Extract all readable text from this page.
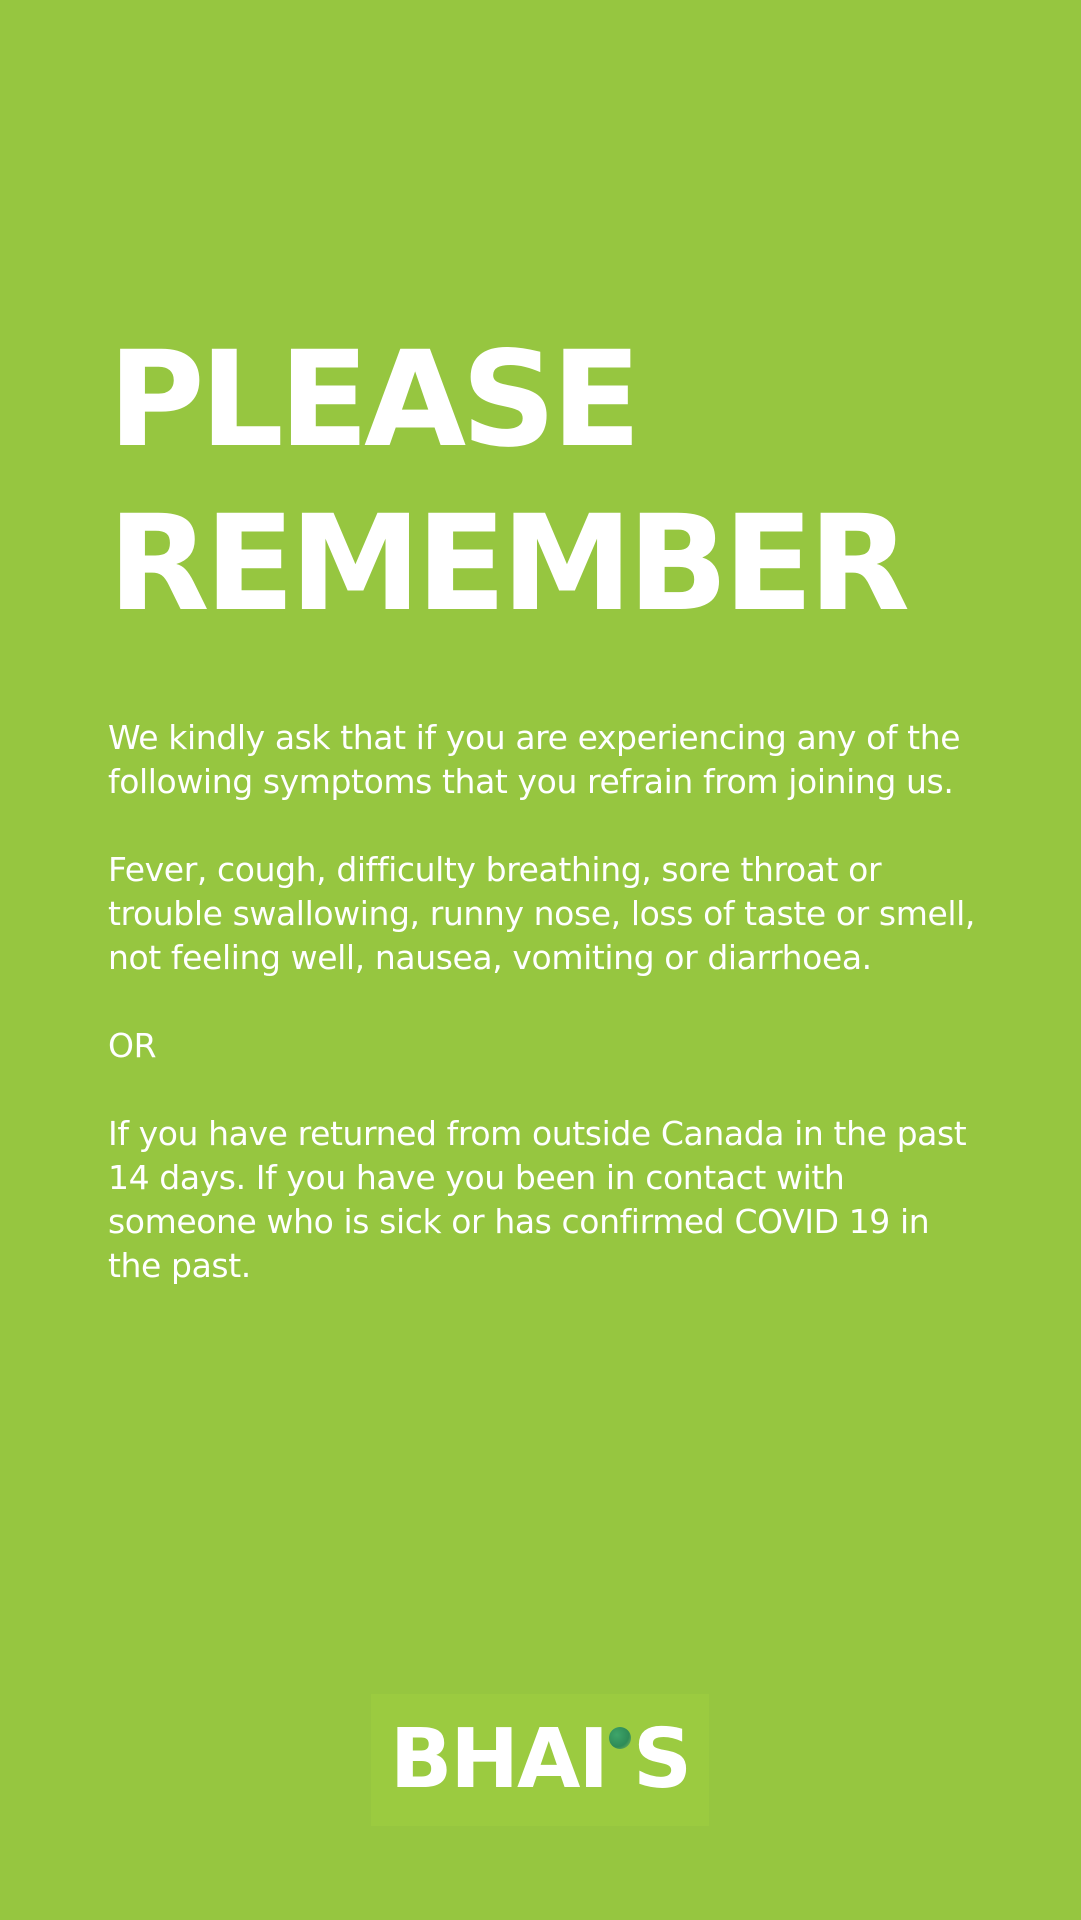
PLEASE
REMEMBER

We kindly ask that if you are experiencing any of the following symptoms that you refrain from joining us.

Fever, cough, difficulty breathing, sore throat or trouble swallowing, runny nose, loss of taste or smell, not feeling well, nausea, vomiting or diarrhoea.

OR

If you have returned from outside Canada in the past 14 days. If you have you been in contact with someone who is sick or has confirmed COVID 19 in the past.

BHAI S
